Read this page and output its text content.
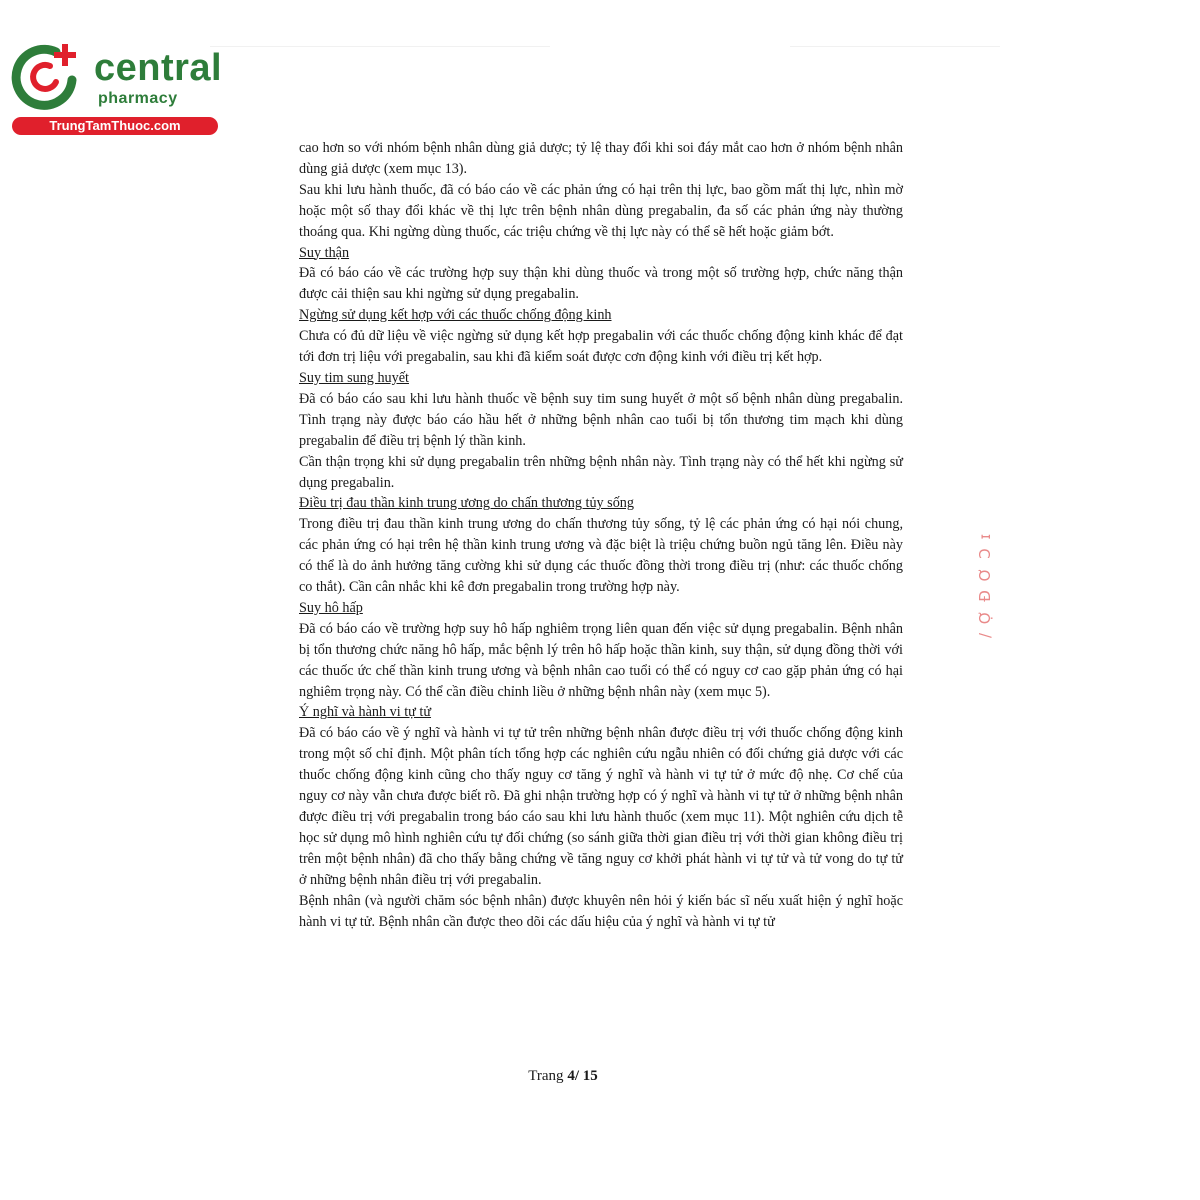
central
pharmacy
TrungTamThuoc.com

cao hơn so với nhóm bệnh nhân dùng giả dược; tỷ lệ thay đổi khi soi đáy mắt cao hơn ở nhóm bệnh nhân dùng giả dược (xem mục 13).

Sau khi lưu hành thuốc, đã có báo cáo về các phản ứng có hại trên thị lực, bao gồm mất thị lực, nhìn mờ hoặc một số thay đổi khác về thị lực trên bệnh nhân dùng pregabalin, đa số các phản ứng này thường thoáng qua. Khi ngừng dùng thuốc, các triệu chứng về thị lực này có thể sẽ hết hoặc giảm bớt.

Suy thận

Đã có báo cáo về các trường hợp suy thận khi dùng thuốc và trong một số trường hợp, chức năng thận được cải thiện sau khi ngừng sử dụng pregabalin.

Ngừng sử dụng kết hợp với các thuốc chống động kinh

Chưa có đủ dữ liệu về việc ngừng sử dụng kết hợp pregabalin với các thuốc chống động kinh khác để đạt tới đơn trị liệu với pregabalin, sau khi đã kiểm soát được cơn động kinh với điều trị kết hợp.

Suy tim sung huyết

Đã có báo cáo sau khi lưu hành thuốc về bệnh suy tim sung huyết ở một số bệnh nhân dùng pregabalin. Tình trạng này được báo cáo hầu hết ở những bệnh nhân cao tuổi bị tổn thương tim mạch khi dùng pregabalin để điều trị bệnh lý thần kinh.

Cần thận trọng khi sử dụng pregabalin trên những bệnh nhân này. Tình trạng này có thể hết khi ngừng sử dụng pregabalin.

Điều trị đau thần kinh trung ương do chấn thương tủy sống

Trong điều trị đau thần kinh trung ương do chấn thương tủy sống, tỷ lệ các phản ứng có hại nói chung, các phản ứng có hại trên hệ thần kinh trung ương và đặc biệt là triệu chứng buồn ngủ tăng lên. Điều này có thể là do ảnh hưởng tăng cường khi sử dụng các thuốc đồng thời trong điều trị (như: các thuốc chống co thắt). Cần cân nhắc khi kê đơn pregabalin trong trường hợp này.

Suy hô hấp

Đã có báo cáo về trường hợp suy hô hấp nghiêm trọng liên quan đến việc sử dụng pregabalin. Bệnh nhân bị tổn thương chức năng hô hấp, mắc bệnh lý trên hô hấp hoặc thần kinh, suy thận, sử dụng đồng thời với các thuốc ức chế thần kinh trung ương và bệnh nhân cao tuổi có thể có nguy cơ cao gặp phản ứng có hại nghiêm trọng này. Có thể cần điều chỉnh liều ở những bệnh nhân này (xem mục 5).

Ý nghĩ và hành vi tự tử

Đã có báo cáo về ý nghĩ và hành vi tự tử trên những bệnh nhân được điều trị với thuốc chống động kinh trong một số chỉ định. Một phân tích tổng hợp các nghiên cứu ngẫu nhiên có đối chứng giả dược với các thuốc chống động kinh cũng cho thấy nguy cơ tăng ý nghĩ và hành vi tự tử ở mức độ nhẹ. Cơ chế của nguy cơ này vẫn chưa được biết rõ. Đã ghi nhận trường hợp có ý nghĩ và hành vi tự tử ở những bệnh nhân được điều trị với pregabalin trong báo cáo sau khi lưu hành thuốc (xem mục 11). Một nghiên cứu dịch tễ học sử dụng mô hình nghiên cứu tự đối chứng (so sánh giữa thời gian điều trị với thời gian không điều trị trên một bệnh nhân) đã cho thấy bằng chứng về tăng nguy cơ khởi phát hành vi tự tử và tử vong do tự tử ở những bệnh nhân điều trị với pregabalin.

Bệnh nhân (và người chăm sóc bệnh nhân) được khuyên nên hỏi ý kiến bác sĩ nếu xuất hiện ý nghĩ hoặc hành vi tự tử. Bệnh nhân cần được theo dõi các dấu hiệu của ý nghĩ và hành vi tự tử

Trang 4/ 15
/ Ợ Đ Ơ Ɔ ɪ
